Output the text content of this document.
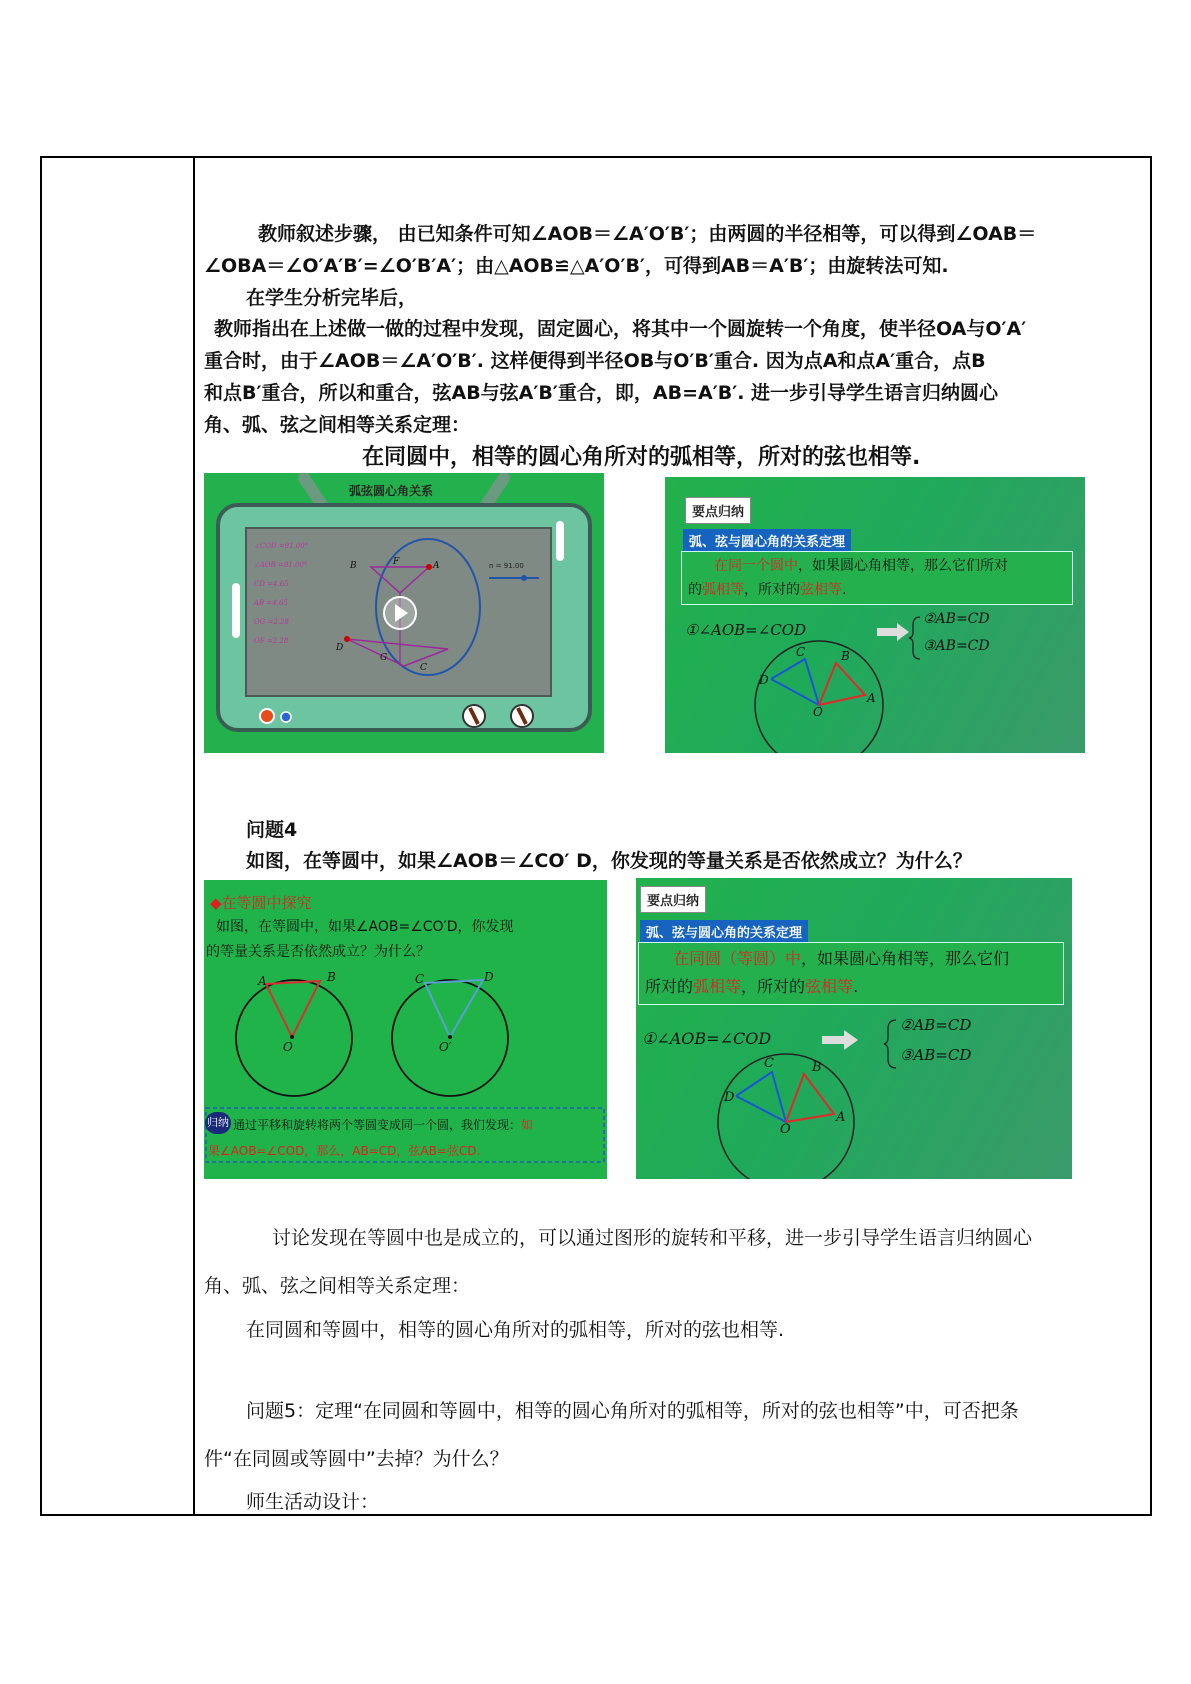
教师叙述步骤， 由已知条件可知∠AOB＝∠A′O′B′；由两圆的半径相等，可以得到∠OAB＝
∠OBA＝∠O′A′B′=∠O′B′A′；由△AOB≌△A′O′B′，可得到AB＝A′B′；由旋转法可知.
在学生分析完毕后，
教师指出在上述做一做的过程中发现，固定圆心，将其中一个圆旋转一个角度，使半径OA与O′A′
重合时，由于∠AOB＝∠A′O′B′. 这样便得到半径OB与O′B′重合. 因为点A和点A′重合，点B
和点B′重合，所以和重合，弦AB与弦A′B′重合，即，AB=A′B′. 进一步引导学生语言归纳圆心
角、弧、弦之间相等关系定理：
在同圆中，相等的圆心角所对的弧相等，所对的弦也相等.
弧弦圆心角关系
∠COD =91.00°
∠AOB =91.00°
CD =4.65
AB =4.65
OG =2.28
OF =2.28
n = 91.00
B	F	A
D
G
C
要点归纳
弧、弦与圆心角的关系定理
在同一个圆中，如果圆心角相等，那么它们所对
的弧相等，所对的弦相等.
①∠AOB=∠COD
②AB=CD
③AB=CD
C	B
D
A
O
问题4
如图，在等圆中，如果∠AOB＝∠CO′ D，你发现的等量关系是否依然成立？为什么？
◆在等圆中探究
如图，在等圆中，如果∠AOB=∠CO′D，你发现
的等量关系是否依然成立？为什么？
A	B
O
C	D
O′
归纳 通过平移和旋转将两个等圆变成同一个圆，我们发现：如
果∠AOB=∠COD，那么，AB=CD，弦AB=弦CD.
要点归纳
弧、弦与圆心角的关系定理
在同圆（等圆）中，如果圆心角相等，那么它们
所对的弧相等，所对的弦相等.
①∠AOB=∠COD
②AB=CD
③AB=CD
C	B
D
A
O
讨论发现在等圆中也是成立的，可以通过图形的旋转和平移，进一步引导学生语言归纳圆心
角、弧、弦之间相等关系定理：
在同圆和等圆中，相等的圆心角所对的弧相等，所对的弦也相等.
问题5：定理“在同圆和等圆中，相等的圆心角所对的弧相等，所对的弦也相等”中，可否把条
件“在同圆或等圆中”去掉？为什么？
师生活动设计：
